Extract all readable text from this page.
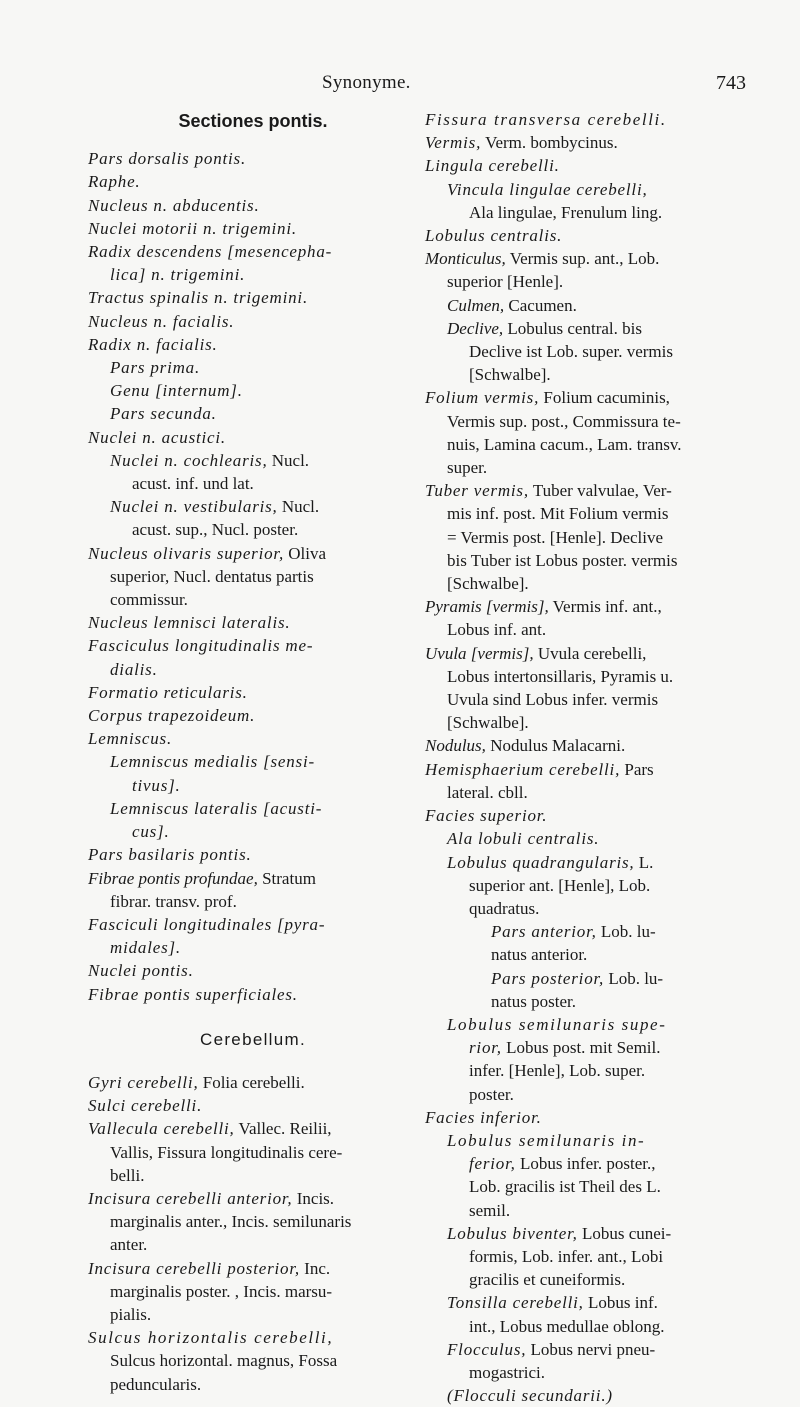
Synonyme.	743
Sectiones pontis.
Pars dorsalis pontis.
Raphe.
Nucleus n. abducentis.
Nuclei motorii n. trigemini.
Radix descendens [mesencepha-
lica] n. trigemini.
Tractus spinalis n. trigemini.
Nucleus n. facialis.
Radix n. facialis.
Pars prima.
Genu [internum].
Pars secunda.
Nuclei n. acustici.
Nuclei n. cochlearis, Nucl.
acust. inf. und lat.
Nuclei n. vestibularis, Nucl.
acust. sup., Nucl. poster.
Nucleus olivaris superior, Oliva
superior, Nucl. dentatus partis
commissur.
Nucleus lemnisci lateralis.
Fasciculus longitudinalis me-
dialis.
Formatio reticularis.
Corpus trapezoideum.
Lemniscus.
Lemniscus medialis [sensi-
tivus].
Lemniscus lateralis [acusti-
cus].
Pars basilaris pontis.
Fibrae pontis profundae, Stratum
fibrar. transv. prof.
Fasciculi longitudinales [pyra-
midales].
Nuclei pontis.
Fibrae pontis superficiales.
Cerebellum.
Gyri cerebelli, Folia cerebelli.
Sulci cerebelli.
Vallecula cerebelli, Vallec. Reilii,
Vallis, Fissura longitudinalis cere-
belli.
Incisura cerebelli anterior, Incis.
marginalis anter., Incis. semilunaris
anter.
Incisura cerebelli posterior, Inc.
marginalis poster. , Incis. marsu-
pialis.
Sulcus horizontalis cerebelli,
Sulcus horizontal. magnus, Fossa
peduncularis.
Fissura transversa cerebelli.
Vermis, Verm. bombycinus.
Lingula cerebelli.
Vincula lingulae cerebelli,
Ala lingulae, Frenulum ling.
Lobulus centralis.
Monticulus, Vermis sup. ant., Lob.
superior [Henle].
Culmen, Cacumen.
Declive, Lobulus central. bis
Declive ist Lob. super. vermis
[Schwalbe].
Folium vermis, Folium cacuminis,
Vermis sup. post., Commissura te-
nuis, Lamina cacum., Lam. transv.
super.
Tuber vermis, Tuber valvulae, Ver-
mis inf. post. Mit Folium vermis
= Vermis post. [Henle]. Declive
bis Tuber ist Lobus poster. vermis
[Schwalbe].
Pyramis [vermis], Vermis inf. ant.,
Lobus inf. ant.
Uvula [vermis], Uvula cerebelli,
Lobus intertonsillaris, Pyramis u.
Uvula sind Lobus infer. vermis
[Schwalbe].
Nodulus, Nodulus Malacarni.
Hemisphaerium cerebelli, Pars
lateral. cbll.
Facies superior.
Ala lobuli centralis.
Lobulus quadrangularis, L.
superior ant. [Henle], Lob.
quadratus.
Pars anterior, Lob. lu-
natus anterior.
Pars posterior, Lob. lu-
natus poster.
Lobulus semilunaris supe-
rior, Lobus post. mit Semil.
infer. [Henle], Lob. super.
poster.
Facies inferior.
Lobulus semilunaris in-
ferior, Lobus infer. poster.,
Lob. gracilis ist Theil des L.
semil.
Lobulus biventer, Lobus cunei-
formis, Lob. infer. ant., Lobi
gracilis et cuneiformis.
Tonsilla cerebelli, Lobus inf.
int., Lobus medullae oblong.
Flocculus, Lobus nervi pneu-
mogastrici.
(Flocculi secundarii.)
